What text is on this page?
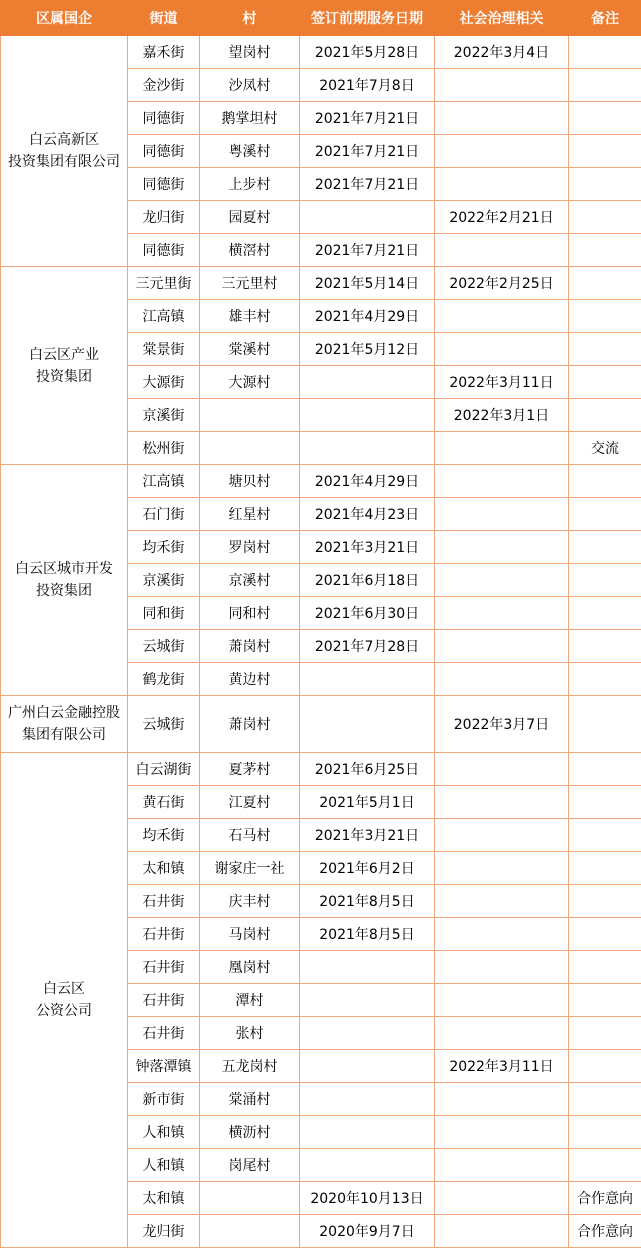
区属国企	街道	村	签订前期服务日期	社会治理相关	备注

白云高新区
投资集团有限公司	嘉禾街	望岗村	2021年5月28日	2022年3月4日	
	金沙街	沙凤村	2021年7月8日		
	同德街	鹅掌坦村	2021年7月21日		
	同德街	粤溪村	2021年7月21日		
	同德街	上步村	2021年7月21日		
	龙归街	园夏村		2022年2月21日	
	同德街	横滘村	2021年7月21日		

白云区产业
投资集团	三元里街	三元里村	2021年5月14日	2022年2月25日	
	江高镇	雄丰村	2021年4月29日		
	棠景街	棠溪村	2021年5月12日		
	大源街	大源村		2022年3月11日	
	京溪街			2022年3月1日	
	松州街				交流

白云区城市开发
投资集团	江高镇	塘贝村	2021年4月29日		
	石门街	红星村	2021年4月23日		
	均禾街	罗岗村	2021年3月21日		
	京溪街	京溪村	2021年6月18日		
	同和街	同和村	2021年6月30日		
	云城街	萧岗村	2021年7月28日		
	鹤龙街	黄边村			

广州白云金融控股
集团有限公司	云城街	萧岗村		2022年3月7日	

白云区
公资公司	白云湖街	夏茅村	2021年6月25日		
	黄石街	江夏村	2021年5月1日		
	均禾街	石马村	2021年3月21日		
	太和镇	谢家庄一社	2021年6月2日		
	石井街	庆丰村	2021年8月5日		
	石井街	马岗村	2021年8月5日		
	石井街	凰岗村			
	石井街	潭村			
	石井街	张村			
	钟落潭镇	五龙岗村		2022年3月11日	
	新市街	棠涌村			
	人和镇	横沥村			
	人和镇	岗尾村			
	太和镇		2020年10月13日		合作意向
	龙归街		2020年9月7日		合作意向
